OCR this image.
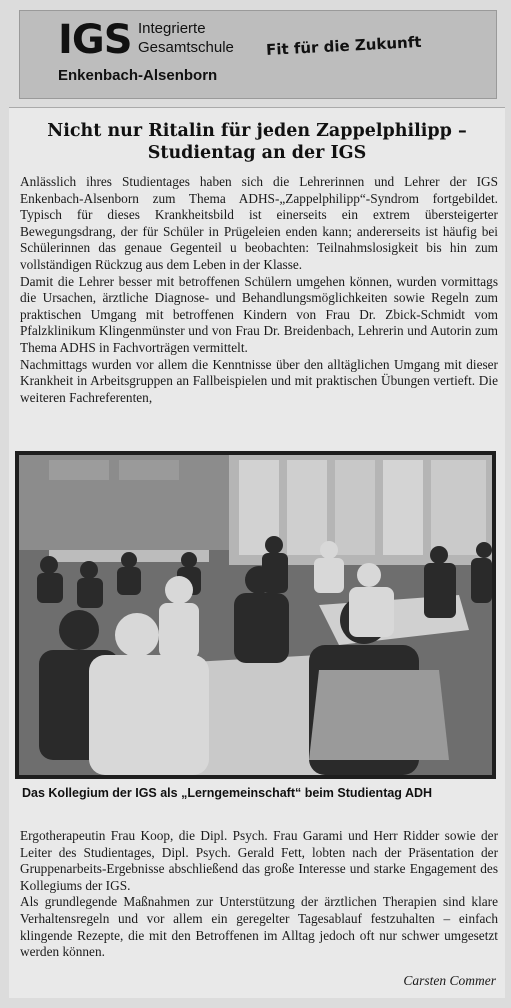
IGS Integrierte
Gesamtschule
Enkenbach-Alsenborn
Fit für die Zukunft
Nicht nur Ritalin für jeden Zappelphilipp –
Studientag an der IGS

Anlässlich ihres Studientages haben sich die Lehrerinnen und Lehrer der IGS Enkenbach-Alsenborn zum Thema ADHS-„Zappelphilipp“-Syndrom fortgebildet. Typisch für dieses Krankheitsbild ist einerseits ein extrem übersteigerter Bewegungsdrang, der für Schüler in Prügeleien enden kann; andererseits ist häufig bei Schülerinnen das genaue Gegenteil u beobachten: Teilnahmslosigkeit bis hin zum vollständigen Rückzug aus dem Leben in der Klasse.

Damit die Lehrer besser mit betroffenen Schülern umgehen können, wurden vormittags die Ursachen, ärztliche Diagnose- und Behandlungsmöglichkeiten sowie Regeln zum praktischen Umgang mit betroffenen Kindern von Frau Dr. Zbick-Schmidt vom Pfalzklinikum Klingenmünster und von Frau Dr. Breidenbach, Lehrerin und Autorin zum Thema ADHS in Fachvorträgen vermittelt.

Nachmittags wurden vor allem die Kenntnisse über den alltäglichen Umgang mit dieser Krankheit in Arbeitsgruppen an Fallbeispielen und mit praktischen Übungen vertieft. Die weiteren Fachreferenten,

Das Kollegium der IGS als „Lerngemeinschaft“ beim Studientag ADH

Ergotherapeutin Frau Koop, die Dipl. Psych. Frau Garami und Herr Ridder sowie der Leiter des Studientages, Dipl. Psych. Gerald Fett, lobten nach der Präsentation der Gruppenarbeits-Ergebnisse abschließend das große Interesse und starke Engagement des Kollegiums der IGS.

Als grundlegende Maßnahmen zur Unterstützung der ärztlichen Therapien sind klare Verhaltensregeln und vor allem ein geregelter Tagesablauf festzuhalten – einfach klingende Rezepte, die mit den Betroffenen im Alltag jedoch oft nur schwer umgesetzt werden können.

Carsten Commer
